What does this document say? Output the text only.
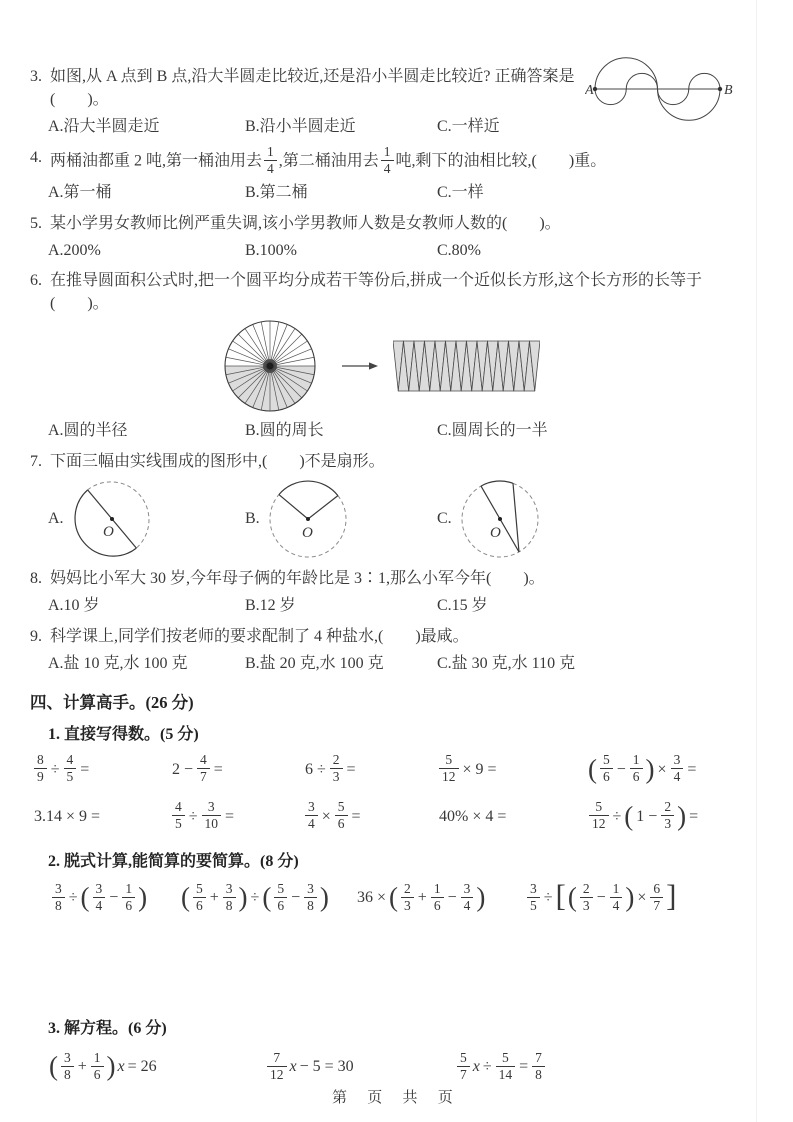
3. 如图,从 A 点到 B 点,沿大半圆走比较近,还是沿小半圆走比较近? 正确答案是(　　)。
A.沿大半圆走近	B.沿小半圆走近	C.一样近
A	B
4. 两桶油都重 2 吨,第一桶油用去 $\frac{1}{4}$ ,第二桶油用去 $\frac{1}{4}$ 吨,剩下的油相比较,(　　)重。
A.第一桶	B.第二桶	C.一样
5. 某小学男女教师比例严重失调,该小学男教师人数是女教师人数的(　　)。
A.200%	B.100%	C.80%
6. 在推导圆面积公式时,把一个圆平均分成若干等份后,拼成一个近似长方形,这个长方形的长等于(　　)。
A.圆的半径	B.圆的周长	C.圆周长的一半
7. 下面三幅由实线围成的图形中,(　　)不是扇形。
A.
O
B.
O
C.
O
8. 妈妈比小军大 30 岁,今年母子俩的年龄比是 3∶1,那么小军今年(　　)。
A.10 岁	B.12 岁	C.15 岁
9. 科学课上,同学们按老师的要求配制了 4 种盐水,(　　)最咸。
A.盐 10 克,水 100 克	B.盐 20 克,水 100 克	C.盐 30 克,水 110 克
四、计算高手。(26 分)
1. 直接写得数。(5 分)
$\frac{8}{9} \div \frac{4}{5}$ =	$2 - \frac{4}{7}$ =	$6 \div \frac{2}{3}$ =	$\frac{5}{12} \times 9$ =	( $\frac{5}{6} - \frac{1}{6}$ ) × $\frac{3}{4}$ =
3.14 × 9 =	$\frac{4}{5} \div \frac{3}{10}$ =	$\frac{3}{4} \times \frac{5}{6}$ =	40% × 4 =	$\frac{5}{12}$ ÷ ( $1 - \frac{2}{3}$ ) =
2. 脱式计算,能简算的要简算。(8 分)
$\frac{3}{8}$ ÷ ( $\frac{3}{4} - \frac{1}{6}$ )	( $\frac{5}{6} + \frac{3}{8}$ ) ÷ ( $\frac{5}{6} - \frac{3}{8}$ )	36 × ( $\frac{2}{3} + \frac{1}{6} - \frac{3}{4}$ )	$\frac{3}{5}$ ÷[( $\frac{2}{3} - \frac{1}{4}$ ) × $\frac{6}{7}$ ]
3. 解方程。(6 分)
( $\frac{3}{8} + \frac{1}{6}$ ) x = 26	$\frac{7}{12}$ x − 5 = 30	$\frac{5}{7}$ $x \div \frac{5}{14} = \frac{7}{8}$
第 页 共 页
